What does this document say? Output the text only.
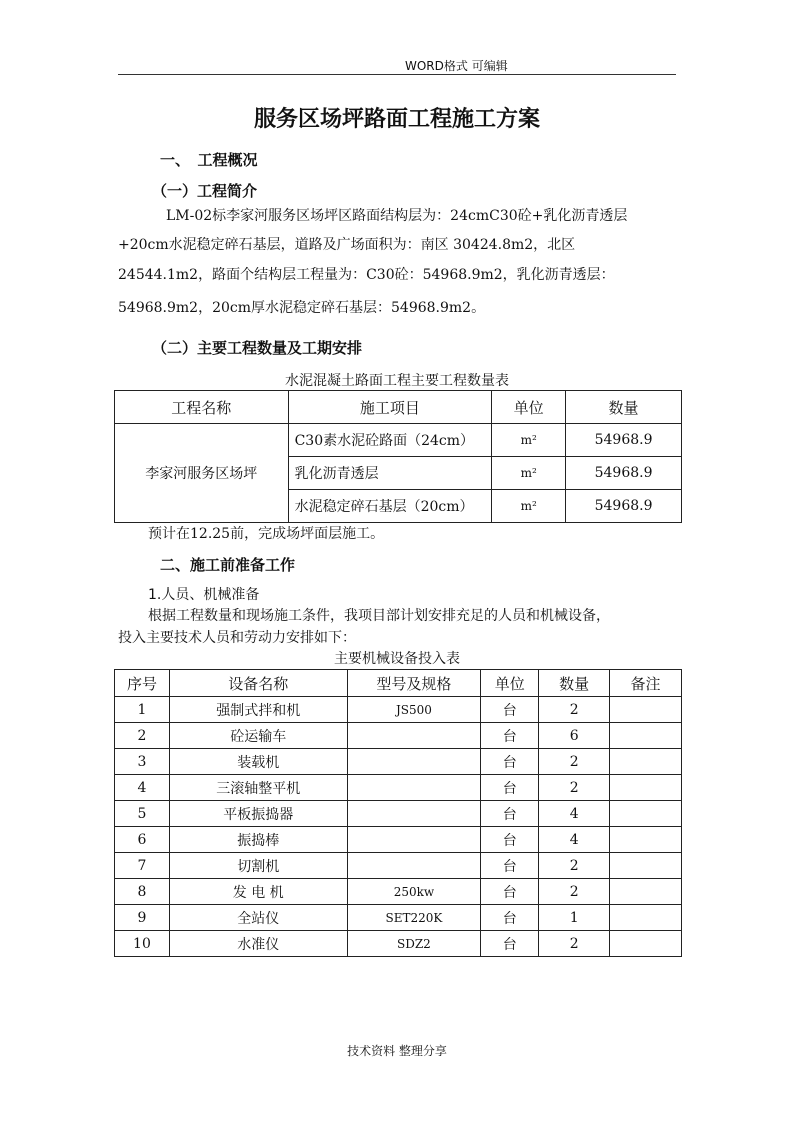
WORD格式 可编辑
服务区场坪路面工程施工方案
一、　工程概况
（一）工程简介
LM-02标李家河服务区场坪区路面结构层为：24cmC30砼+乳化沥青透层
+20cm水泥稳定碎石基层，道路及广场面积为：南区 30424.8m2，北区
24544.1m2，路面个结构层工程量为：C30砼：54968.9m2，乳化沥青透层：
54968.9m2，20cm厚水泥稳定碎石基层：54968.9m2。
（二）主要工程数量及工期安排
水泥混凝土路面工程主要工程数量表
工程名称	施工项目	单位	数量
李家河服务区场坪	C30素水泥砼路面（24cm）	m²	54968.9
	乳化沥青透层	m²	54968.9
	水泥稳定碎石基层（20cm）	m²	54968.9
预计在12.25前，完成场坪面层施工。
二、施工前准备工作
1.人员、机械准备
根据工程数量和现场施工条件，我项目部计划安排充足的人员和机械设备，
投入主要技术人员和劳动力安排如下：
主要机械设备投入表
序号	设备名称	型号及规格	单位	数量	备注
1	强制式拌和机	JS500	台	2	
2	砼运输车		台	6	
3	装载机		台	2	
4	三滚轴整平机		台	2	
5	平板振捣器		台	4	
6	振捣棒		台	4	
7	切割机		台	2	
8	发 电 机	250kw	台	2	
9	全站仪	SET220K	台	1	
10	水准仪	SDZ2	台	2	
技术资料 整理分享
